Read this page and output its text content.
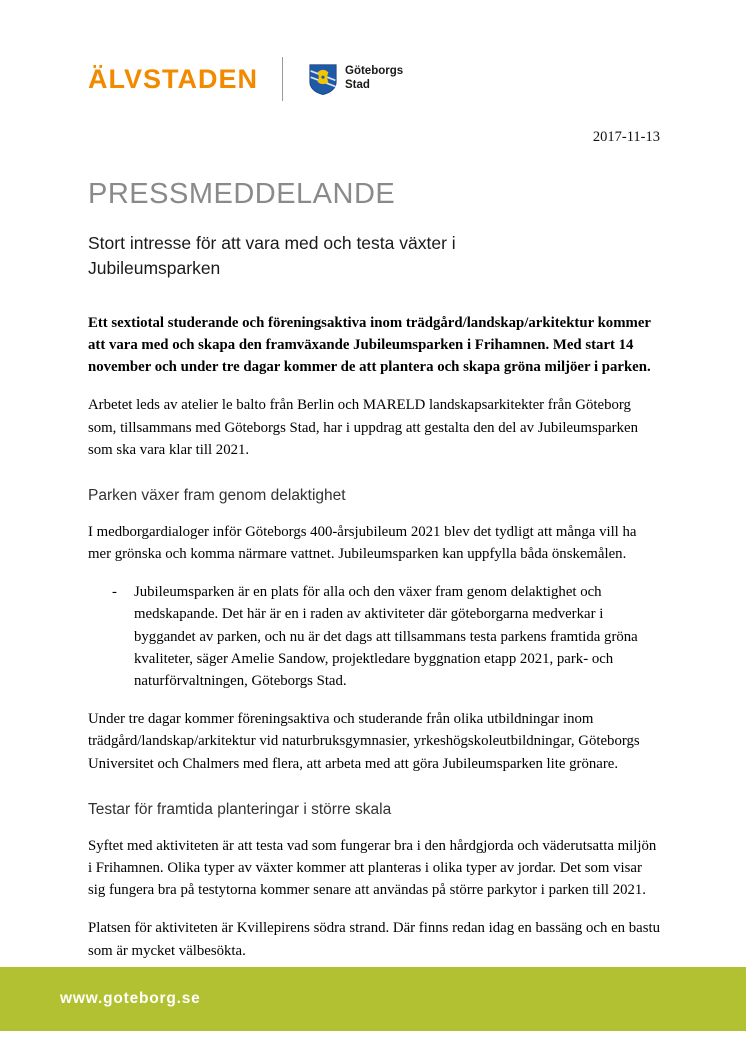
ÄLVSTADEN	Göteborgs
Stad
2017-11-13
PRESSMEDDELANDE
Stort intresse för att vara med och testa växter i Jubileumsparken

Ett sextiotal studerande och föreningsaktiva inom trädgård/landskap/arkitektur kommer att vara med och skapa den framväxande Jubileumsparken i Frihamnen. Med start 14 november och under tre dagar kommer de att plantera och skapa gröna miljöer i parken.

Arbetet leds av atelier le balto från Berlin och MARELD landskapsarkitekter från Göteborg som, tillsammans med Göteborgs Stad, har i uppdrag att gestalta den del av Jubileumsparken som ska vara klar till 2021.

Parken växer fram genom delaktighet

I medborgardialoger inför Göteborgs 400-årsjubileum 2021 blev det tydligt att många vill ha mer grönska och komma närmare vattnet. Jubileumsparken kan uppfylla båda önskemålen.

-	Jubileumsparken är en plats för alla och den växer fram genom delaktighet och medskapande. Det här är en i raden av aktiviteter där göteborgarna medverkar i byggandet av parken, och nu är det dags att tillsammans testa parkens framtida gröna kvaliteter, säger Amelie Sandow, projektledare byggnation etapp 2021, park- och naturförvaltningen, Göteborgs Stad.

Under tre dagar kommer föreningsaktiva och studerande från olika utbildningar inom trädgård/landskap/arkitektur vid naturbruksgymnasier, yrkeshögskoleutbildningar, Göteborgs Universitet och Chalmers med flera, att arbeta med att göra Jubileumsparken lite grönare.

Testar för framtida planteringar i större skala

Syftet med aktiviteten är att testa vad som fungerar bra i den hårdgjorda och väderutsatta miljön i Frihamnen. Olika typer av växter kommer att planteras i olika typer av jordar. Det som visar sig fungera bra på testytorna kommer senare att användas på större parkytor i parken till 2021.

Platsen för aktiviteten är Kvillepirens södra strand. Där finns redan idag en bassäng och en bastu som är mycket välbesökta.

www.goteborg.se
